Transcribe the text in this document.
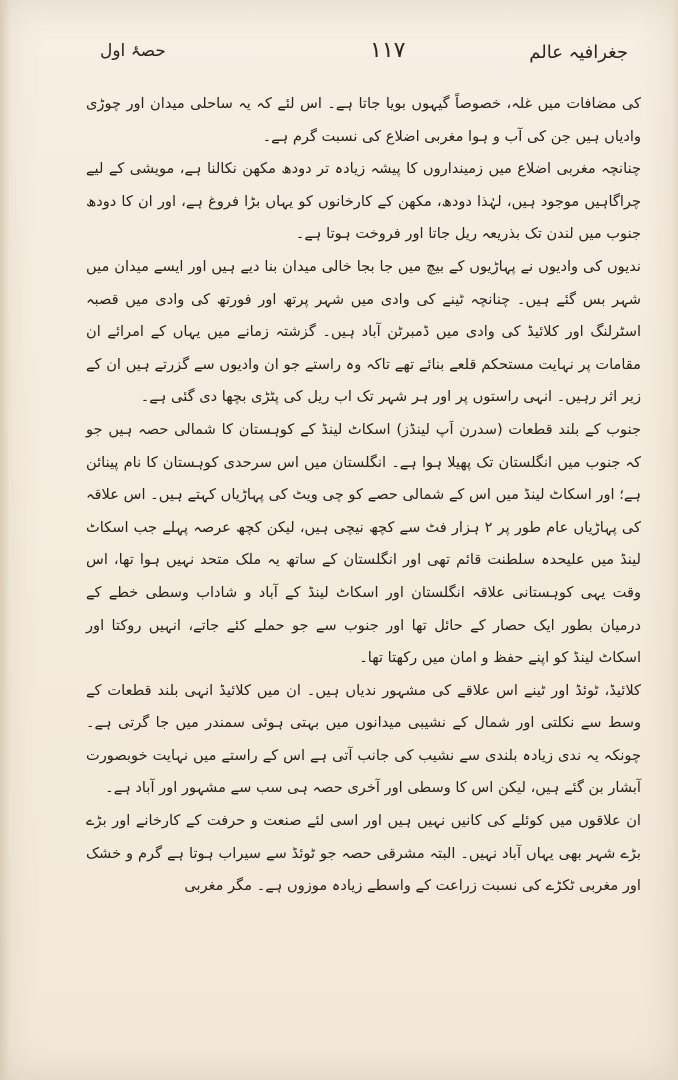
حصۂ اول	۱۱۷	جغرافیہ عالم

کی مضافات میں غلہ، خصوصاً گیہوں بویا جاتا ہے۔ اس لئے کہ یہ ساحلی میدان اور چوڑی وادیاں ہیں جن کی آب و ہوا مغربی اضلاع کی نسبت گرم ہے۔

چنانچہ مغربی اضلاع میں زمینداروں کا پیشہ زیادہ تر دودھ مکھن نکالنا ہے، مویشی کے لیے چراگاہیں موجود ہیں، لہٰذا دودھ، مکھن کے کارخانوں کو یہاں بڑا فروغ ہے، اور ان کا دودھ جنوب میں لندن تک بذریعہ ریل جاتا اور فروخت ہوتا ہے۔

ندیوں کی وادیوں نے پہاڑیوں کے بیچ میں جا بجا خالی میدان بنا دیے ہیں اور ایسے میدان میں شہر بس گئے ہیں۔ چنانچہ ٹینے کی وادی میں شہر پرتھ اور فورتھ کی وادی میں قصبہ اسٹرلنگ اور کلائیڈ کی وادی میں ڈمبرٹن آباد ہیں۔ گزشتہ زمانے میں یہاں کے امرائے ان مقامات پر نہایت مستحکم قلعے بنائے تھے تاکہ وہ راستے جو ان وادیوں سے گزرتے ہیں ان کے زیر اثر رہیں۔ انہی راستوں پر اور ہر شہر تک اب ریل کی پٹڑی بچھا دی گئی ہے۔

جنوب کے بلند قطعات (سدرن اَپ لینڈز) اسکاٹ لینڈ کے کوہستان کا شمالی حصہ ہیں جو کہ جنوب میں انگلستان تک پھیلا ہوا ہے۔ انگلستان میں اس سرحدی کوہستان کا نام پینائن ہے؛ اور اسکاٹ لینڈ میں اس کے شمالی حصے کو چی ویٹ کی پہاڑیاں کہتے ہیں۔ اس علاقہ کی پہاڑیاں عام طور پر ۲ ہزار فٹ سے کچھ نیچی ہیں، لیکن کچھ عرصہ پہلے جب اسکاٹ لینڈ میں علیحدہ سلطنت قائم تھی اور انگلستان کے ساتھ یہ ملک متحد نہیں ہوا تھا، اس وقت یہی کوہستانی علاقہ انگلستان اور اسکاٹ لینڈ کے آباد و شاداب وسطی خطے کے درمیان بطور ایک حصار کے حائل تھا اور جنوب سے جو حملے کئے جاتے، انہیں روکتا اور اسکاٹ لینڈ کو اپنے حفظ و امان میں رکھتا تھا۔

کلائیڈ، ٹوئڈ اور ٹینے اس علاقے کی مشہور ندیاں ہیں۔ ان میں کلائیڈ انہی بلند قطعات کے وسط سے نکلتی اور شمال کے نشیبی میدانوں میں بہتی ہوئی سمندر میں جا گرتی ہے۔ چونکہ یہ ندی زیادہ بلندی سے نشیب کی جانب آتی ہے اس کے راستے میں نہایت خوبصورت آبشار بن گئے ہیں، لیکن اس کا وسطی اور آخری حصہ ہی سب سے مشہور اور آباد ہے۔

ان علاقوں میں کوئلے کی کانیں نہیں ہیں اور اسی لئے صنعت و حرفت کے کارخانے اور بڑے بڑے شہر بھی یہاں آباد نہیں۔ البتہ مشرقی حصہ جو ٹوئڈ سے سیراب ہوتا ہے گرم و خشک اور مغربی ٹکڑے کی نسبت زراعت کے واسطے زیادہ موزوں ہے۔ مگر مغربی
